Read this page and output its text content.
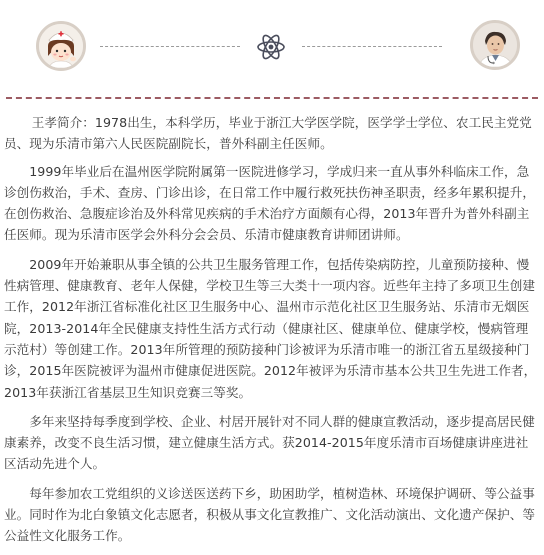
王孝简介：1978出生，本科学历，毕业于浙江大学医学院，医学学士学位、农工民主党党员、现为乐清市第六人民医院副院长，普外科副主任医师。

1999年毕业后在温州医学院附属第一医院进修学习，学成归来一直从事外科临床工作，急诊创伤救治，手术、查房、门诊出诊，在日常工作中履行救死扶伤神圣职责，经多年累积提升，在创伤救治、急腹症诊治及外科常见疾病的手术治疗方面颇有心得，2013年晋升为普外科副主任医师。现为乐清市医学会外科分会会员、乐清市健康教育讲师团讲师。

2009年开始兼职从事全镇的公共卫生服务管理工作，包括传染病防控，儿童预防接种、慢性病管理、健康教育、老年人保健，学校卫生等三大类十一项内容。近些年主持了多项卫生创建工作，2012年浙江省标准化社区卫生服务中心、温州市示范化社区卫生服务站、乐清市无烟医院，2013-2014年全民健康支持性生活方式行动（健康社区、健康单位、健康学校，慢病管理示范村）等创建工作。2013年所管理的预防接种门诊被评为乐清市唯一的浙江省五星级接种门诊，2015年医院被评为温州市健康促进医院。2012年被评为乐清市基本公共卫生先进工作者，2013年获浙江省基层卫生知识竞赛三等奖。

多年来坚持每季度到学校、企业、村居开展针对不同人群的健康宣教活动，逐步提高居民健康素养，改变不良生活习惯，建立健康生活方式。获2014-2015年度乐清市百场健康讲座进社区活动先进个人。

每年参加农工党组织的义诊送医送药下乡，助困助学，植树造林、环境保护调研、等公益事业。同时作为北白象镇文化志愿者，积极从事文化宣教推广、文化活动演出、文化遗产保护、等公益性文化服务工作。
